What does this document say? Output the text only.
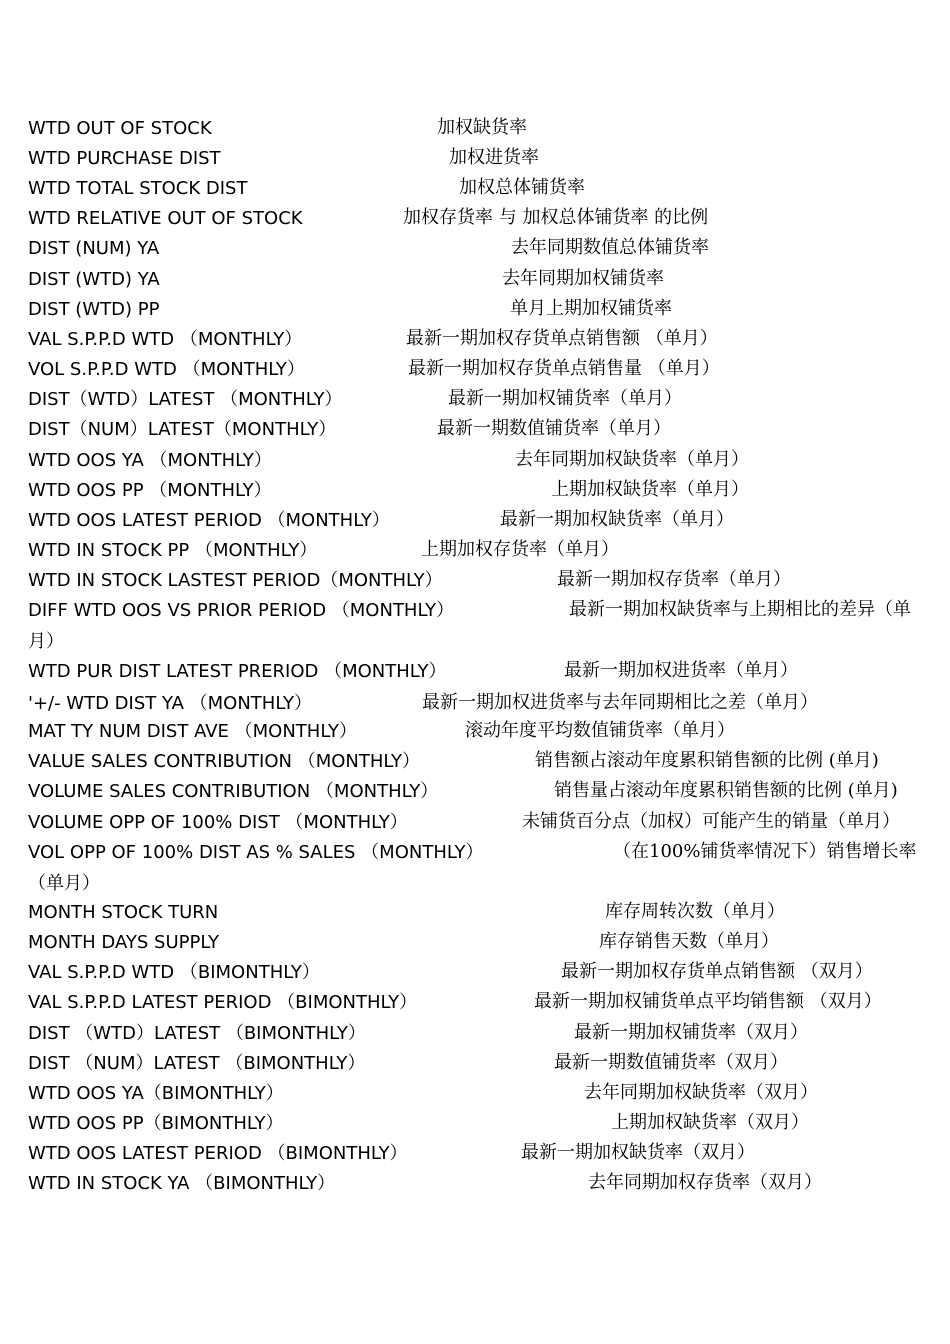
WTD OUT OF STOCK	加权缺货率
WTD PURCHASE DIST	加权进货率
WTD TOTAL STOCK DIST	加权总体铺货率
WTD RELATIVE OUT OF STOCK	加权存货率 与 加权总体铺货率 的比例
DIST (NUM) YA	去年同期数值总体铺货率
DIST (WTD) YA	去年同期加权铺货率
DIST (WTD) PP	单月上期加权铺货率
VAL S.P.P.D WTD （MONTHLY）	最新一期加权存货单点销售额 （单月）
VOL S.P.P.D WTD （MONTHLY）	最新一期加权存货单点销售量 （单月）
DIST（WTD）LATEST （MONTHLY）	最新一期加权铺货率（单月）
DIST（NUM）LATEST（MONTHLY）	最新一期数值铺货率（单月）
WTD OOS YA （MONTHLY）	去年同期加权缺货率（单月）
WTD OOS PP （MONTHLY）	上期加权缺货率（单月）
WTD OOS LATEST PERIOD （MONTHLY）	最新一期加权缺货率（单月）
WTD IN STOCK PP （MONTHLY）	上期加权存货率（单月）
WTD IN STOCK LASTEST PERIOD（MONTHLY）	最新一期加权存货率（单月）
DIFF WTD OOS VS PRIOR PERIOD （MONTHLY）	最新一期加权缺货率与上期相比的差异（单
月）
WTD PUR DIST LATEST PRERIOD （MONTHLY）	最新一期加权进货率（单月）
'+/- WTD DIST YA （MONTHLY）	最新一期加权进货率与去年同期相比之差（单月）
MAT TY NUM DIST AVE （MONTHLY）	滚动年度平均数值铺货率（单月）
VALUE SALES CONTRIBUTION （MONTHLY）	销售额占滚动年度累积销售额的比例 (单月)
VOLUME SALES CONTRIBUTION （MONTHLY）	销售量占滚动年度累积销售额的比例 (单月)
VOLUME OPP OF 100% DIST （MONTHLY）	未铺货百分点（加权）可能产生的销量（单月）
VOL OPP OF 100% DIST AS % SALES （MONTHLY）	（在100%铺货率情况下）销售增长率
（单月）
MONTH STOCK TURN	库存周转次数（单月）
MONTH DAYS SUPPLY	库存销售天数（单月）
VAL S.P.P.D WTD （BIMONTHLY）	最新一期加权存货单点销售额 （双月）
VAL S.P.P.D LATEST PERIOD （BIMONTHLY）	最新一期加权铺货单点平均销售额 （双月）
DIST （WTD）LATEST （BIMONTHLY）	最新一期加权铺货率（双月）
DIST （NUM）LATEST （BIMONTHLY）	最新一期数值铺货率（双月）
WTD OOS YA（BIMONTHLY）	去年同期加权缺货率（双月）
WTD OOS PP（BIMONTHLY）	上期加权缺货率（双月）
WTD OOS LATEST PERIOD （BIMONTHLY）	最新一期加权缺货率（双月）
WTD IN STOCK YA （BIMONTHLY）	去年同期加权存货率（双月）
